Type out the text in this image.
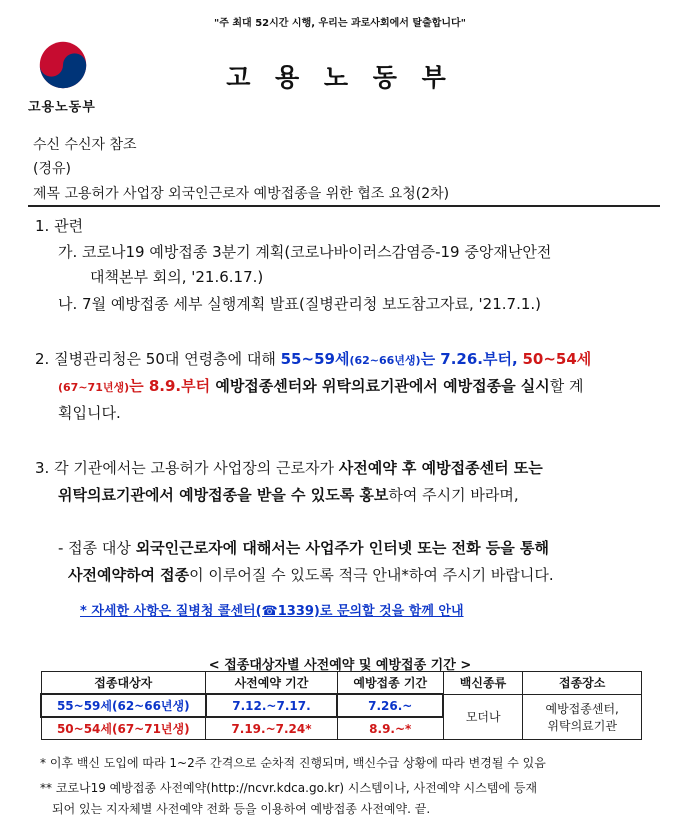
"주 최대 52시간 시행, 우리는 과로사회에서 탈출합니다"
고용노동부
고 용 노 동 부
수신 수신자 참조
(경유)
제목 고용허가 사업장 외국인근로자 예방접종을 위한 협조 요청(2차)
1. 관련
가. 코로나19 예방접종 3분기 계획(코로나바이러스감염증-19 중앙재난안전
대책본부 회의, '21.6.17.)
나. 7월 예방접종 세부 실행계획 발표(질병관리청 보도참고자료, '21.7.1.)
2. 질병관리청은 50대 연령층에 대해 55~59세(62~66년생)는 7.26.부터, 50~54세
(67~71년생)는 8.9.부터 예방접종센터와 위탁의료기관에서 예방접종을 실시할 계
획입니다.
3. 각 기관에서는 고용허가 사업장의 근로자가 사전예약 후 예방접종센터 또는
위탁의료기관에서 예방접종을 받을 수 있도록 홍보하여 주시기 바라며,
- 접종 대상 외국인근로자에 대해서는 사업주가 인터넷 또는 전화 등을 통해
사전예약하여 접종이 이루어질 수 있도록 적극 안내*하여 주시기 바랍니다.
* 자세한 사항은 질병청 콜센터(☎1339)로 문의할 것을 함께 안내
< 접종대상자별 사전예약 및 예방접종 기간 >
접종대상자	사전예약 기간	예방접종 기간	백신종류	접종장소
55~59세(62~66년생)	7.12.~7.17.	7.26.~	모더나	예방접종센터,
위탁의료기관

50~54세(67~71년생)	7.19.~7.24*	8.9.~*		
* 이후 백신 도입에 따라 1~2주 간격으로 순차적 진행되며, 백신수급 상황에 따라 변경될 수 있음
** 코로나19 예방접종 사전예약(http://ncvr.kdca.go.kr) 시스템이나, 사전예약 시스템에 등재
되어 있는 지자체별 사전예약 전화 등을 이용하여 예방접종 사전예약. 끝.
